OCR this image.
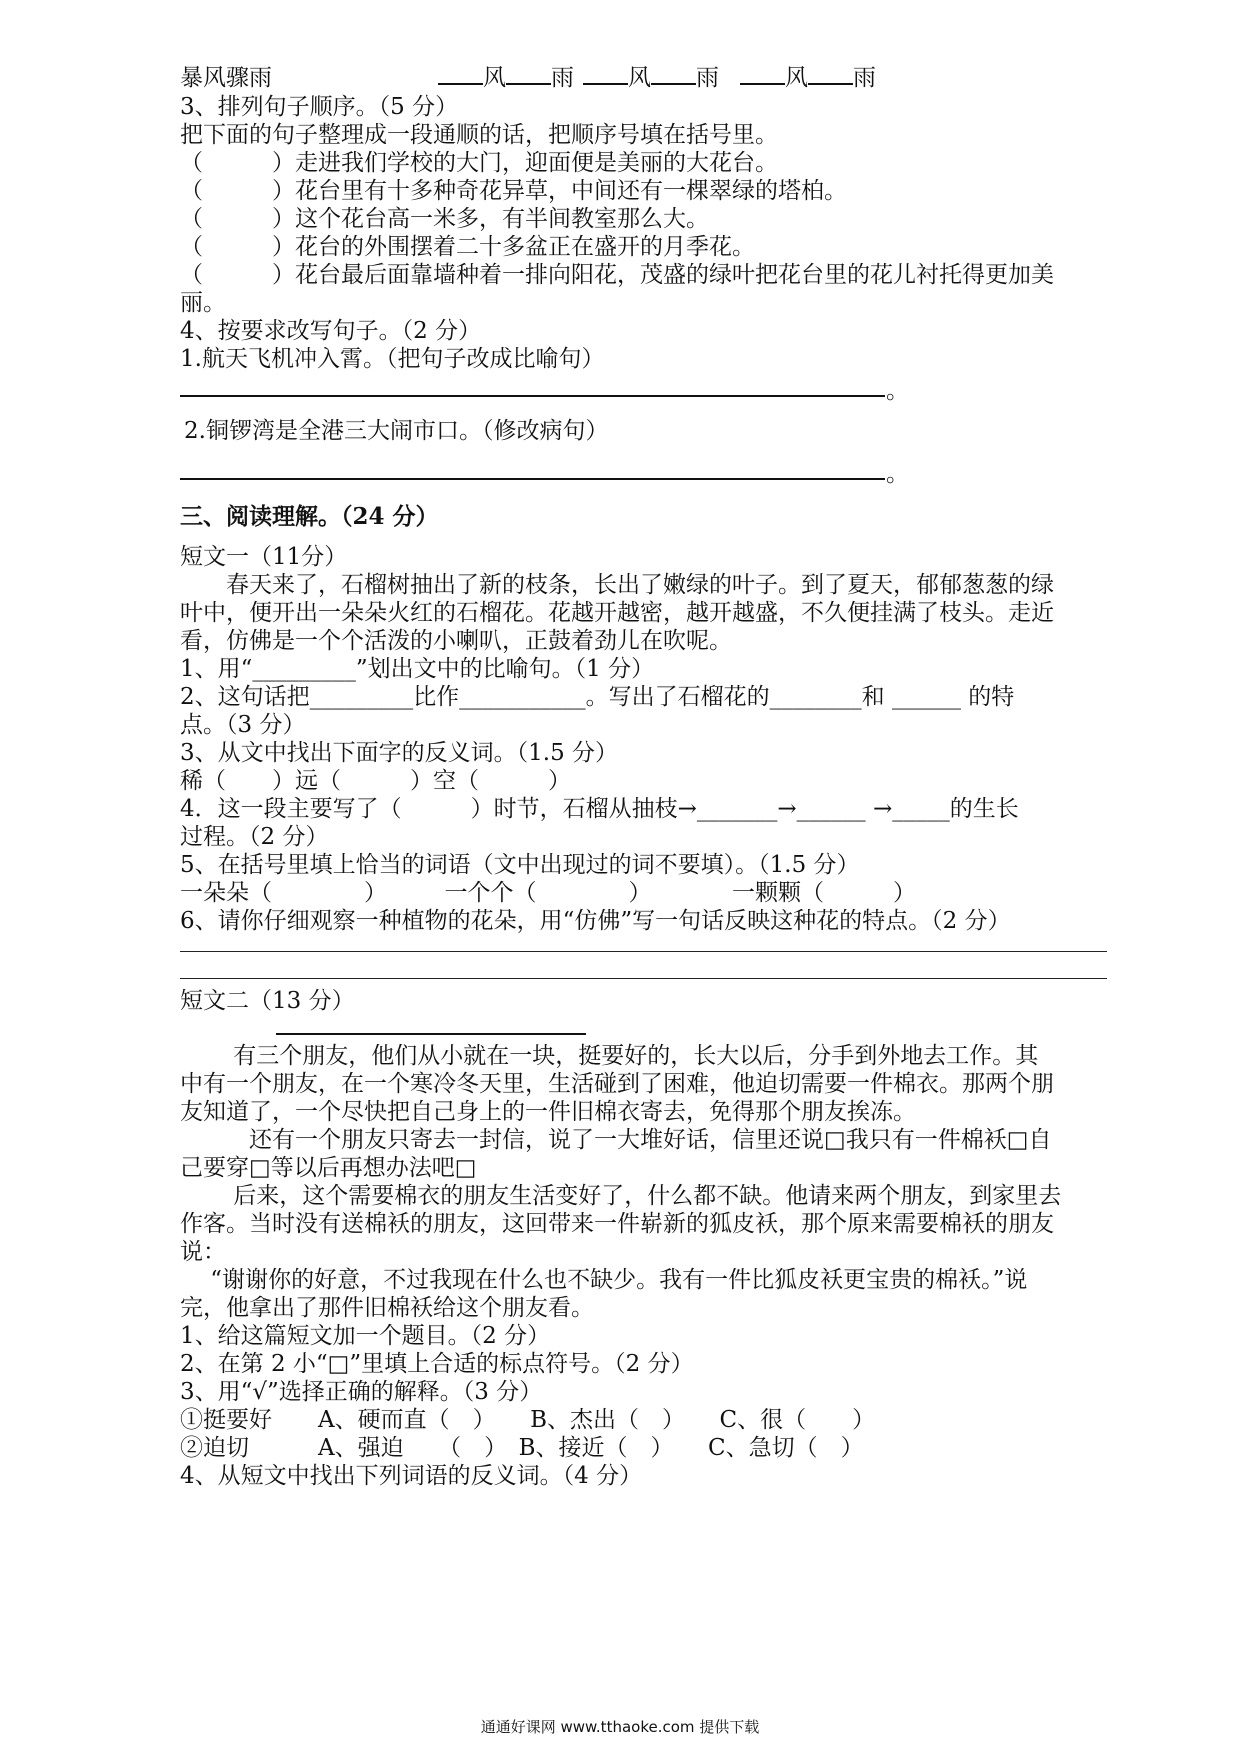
暴风骤雨	风 雨	风 雨	风 雨
3、排列句子顺序。（5 分）
把下面的句子整理成一段通顺的话，把顺序号填在括号里。
（　　　）走进我们学校的大门，迎面便是美丽的大花台。
（　　　）花台里有十多种奇花异草，中间还有一棵翠绿的塔柏。
（　　　）这个花台高一米多，有半间教室那么大。
（　　　）花台的外围摆着二十多盆正在盛开的月季花。
（　　　）花台最后面靠墙种着一排向阳花，茂盛的绿叶把花台里的花儿衬托得更加美
丽。
4、按要求改写句子。（2 分）
1.航天飞机冲入霄。（把句子改成比喻句）
。
2.铜锣湾是全港三大闹市口。（修改病句）
。
三、阅读理解。（24 分）
短文一（11分）
　　春天来了，石榴树抽出了新的枝条，长出了嫩绿的叶子。到了夏天，郁郁葱葱的绿
叶中，便开出一朵朵火红的石榴花。花越开越密，越开越盛，不久便挂满了枝头。走近
看，仿佛是一个个活泼的小喇叭，正鼓着劲儿在吹呢。
1、用“_________”划出文中的比喻句。（1 分）
2、这句话把_________比作___________。写出了石榴花的________和 ______ 的特
点。（3 分）
3、从文中找出下面字的反义词。（1.5 分）
稀（　　）远（　　　）空（　　　）
4．这一段主要写了（　　　）时节，石榴从抽枝→_______→______ →_____的生长
过程。（2 分）
5、在括号里填上恰当的词语（文中出现过的词不要填）。（1.5 分）
一朵朵（　　　　）　　　一个个（　　　　）　　　　一颗颗（　　　）
6、请你仔细观察一种植物的花朵，用“仿佛”写一句话反映这种花的特点。（2 分）
短文二（13 分）
　　 有三个朋友，他们从小就在一块，挺要好的，长大以后，分手到外地去工作。其
中有一个朋友，在一个寒冷冬天里，生活碰到了困难，他迫切需要一件棉衣。那两个朋
友知道了，一个尽快把自己身上的一件旧棉衣寄去，免得那个朋友挨冻。
　　　还有一个朋友只寄去一封信，说了一大堆好话，信里还说□我只有一件棉袄□自
己要穿□等以后再想办法吧□
　　 后来，这个需要棉衣的朋友生活变好了，什么都不缺。他请来两个朋友，到家里去
作客。当时没有送棉袄的朋友，这回带来一件崭新的狐皮袄，那个原来需要棉袄的朋友
说：
　 “谢谢你的好意，不过我现在什么也不缺少。我有一件比狐皮袄更宝贵的棉袄。”说
完，他拿出了那件旧棉袄给这个朋友看。
1、给这篇短文加一个题目。（2 分）
2、在第 2 小“□”里填上合适的标点符号。（2 分）
3、用“√”选择正确的解释。（3 分）
①挺要好　　A、硬而直（　）　　B、杰出（　）　　C、很（　　）
②迫切　　　A、强迫　　（　）　B、接近（　）　　C、急切（　）
4、从短文中找出下列词语的反义词。（4 分）
通通好课网 www.tthaoke.com 提供下载
